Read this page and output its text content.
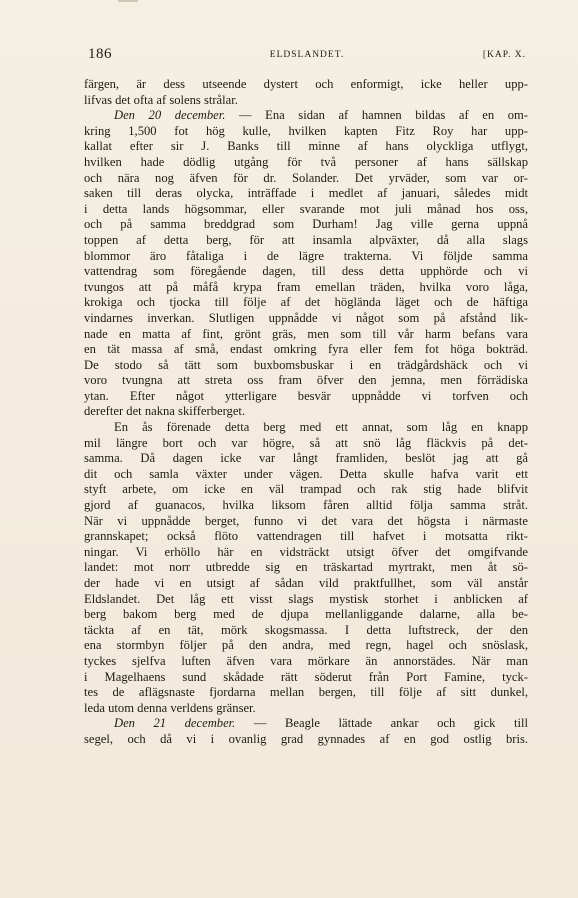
186	ELDSLANDET.	[KAP. X.
färgen, är dess utseende dystert och enformigt, icke heller upp-
lifvas det ofta af solens strålar.
Den 20 december. — Ena sidan af hamnen bildas af en om-
kring 1,500 fot hög kulle, hvilken kapten Fitz Roy har upp-
kallat efter sir J. Banks till minne af hans olyckliga utflygt,
hvilken hade dödlig utgång för två personer af hans sällskap
och nära nog äfven för dr. Solander. Det yrväder, som var or-
saken till deras olycka, inträffade i medlet af januari, således midt
i detta lands högsommar, eller svarande mot juli månad hos oss,
och på samma breddgrad som Durham! Jag ville gerna uppnå
toppen af detta berg, för att insamla alpväxter, då alla slags
blommor äro fåtaliga i de lägre trakterna. Vi följde samma
vattendrag som föregående dagen, till dess detta upphörde och vi
tvungos att på måfå krypa fram emellan träden, hvilka voro låga,
krokiga och tjocka till följe af det höglända läget och de häftiga
vindarnes inverkan. Slutligen uppnådde vi något som på afstånd lik-
nade en matta af fint, grönt gräs, men som till vår harm befans vara
en tät massa af små, endast omkring fyra eller fem fot höga bokträd.
De stodo så tätt som buxbomsbuskar i en trädgårdshäck och vi
voro tvungna att streta oss fram öfver den jemna, men förrädiska
ytan. Efter något ytterligare besvär uppnådde vi torfven och
derefter det nakna skifferberget.
En ås förenade detta berg med ett annat, som låg en knapp
mil längre bort och var högre, så att snö låg fläckvis på det-
samma. Då dagen icke var långt framliden, beslöt jag att gå
dit och samla växter under vägen. Detta skulle hafva varit ett
styft arbete, om icke en väl trampad och rak stig hade blifvit
gjord af guanacos, hvilka liksom fåren alltid följa samma stråt.
När vi uppnådde berget, funno vi det vara det högsta i närmaste
grannskapet; också flöto vattendragen till hafvet i motsatta rikt-
ningar. Vi erhöllo här en vidsträckt utsigt öfver det omgifvande
landet: mot norr utbredde sig en träskartad myrtrakt, men åt sö-
der hade vi en utsigt af sådan vild praktfullhet, som väl anstår
Eldslandet. Det låg ett visst slags mystisk storhet i anblicken af
berg bakom berg med de djupa mellanliggande dalarne, alla be-
täckta af en tät, mörk skogsmassa. I detta luftstreck, der den
ena stormbyn följer på den andra, med regn, hagel och snöslask,
tyckes sjelfva luften äfven vara mörkare än annorstädes. När man
i Magelhaens sund skådade rätt söderut från Port Famine, tyck-
tes de aflägsnaste fjordarna mellan bergen, till följe af sitt dunkel,
leda utom denna verldens gränser.
Den 21 december. — Beagle lättade ankar och gick till
segel, och då vi i ovanlig grad gynnades af en god ostlig bris.
